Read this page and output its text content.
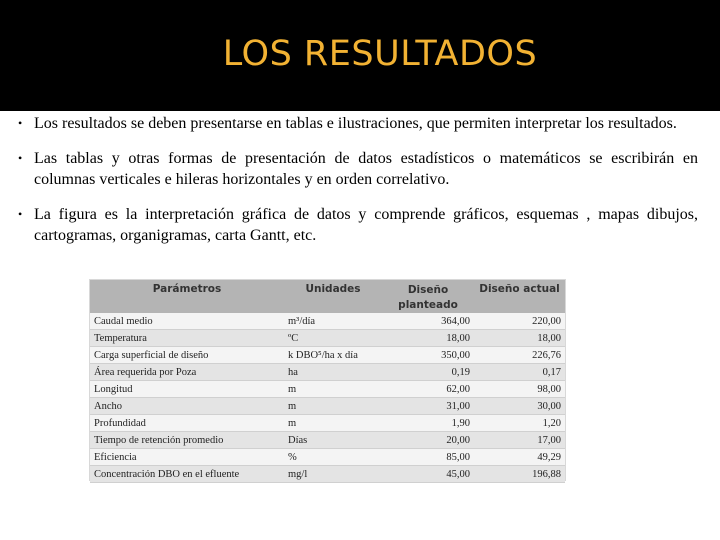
LOS RESULTADOS
• Los resultados se deben presentarse en tablas e ilustraciones, que permiten interpretar los resultados.
• Las tablas y otras formas de presentación de datos estadísticos o matemáticos se escribirán en columnas verticales e hileras horizontales y en orden correlativo.
• La figura es la interpretación gráfica de datos y comprende gráficos, esquemas , mapas dibujos, cartogramas, organigramas, carta Gantt, etc.
Parámetros	Unidades	Diseño planteado	Diseño actual
Caudal medio	m³/día	364,00	220,00
Temperatura	ºC	18,00	18,00
Carga superficial de diseño	k DBO⁵/ha x día	350,00	226,76
Área requerida por Poza	ha	0,19	0,17
Longitud	m	62,00	98,00
Ancho	m	31,00	30,00
Profundidad	m	1,90	1,20
Tiempo de retención promedio	Días	20,00	17,00
Eficiencia	%	85,00	49,29
Concentración DBO en el efluente	mg/l	45,00	196,88
